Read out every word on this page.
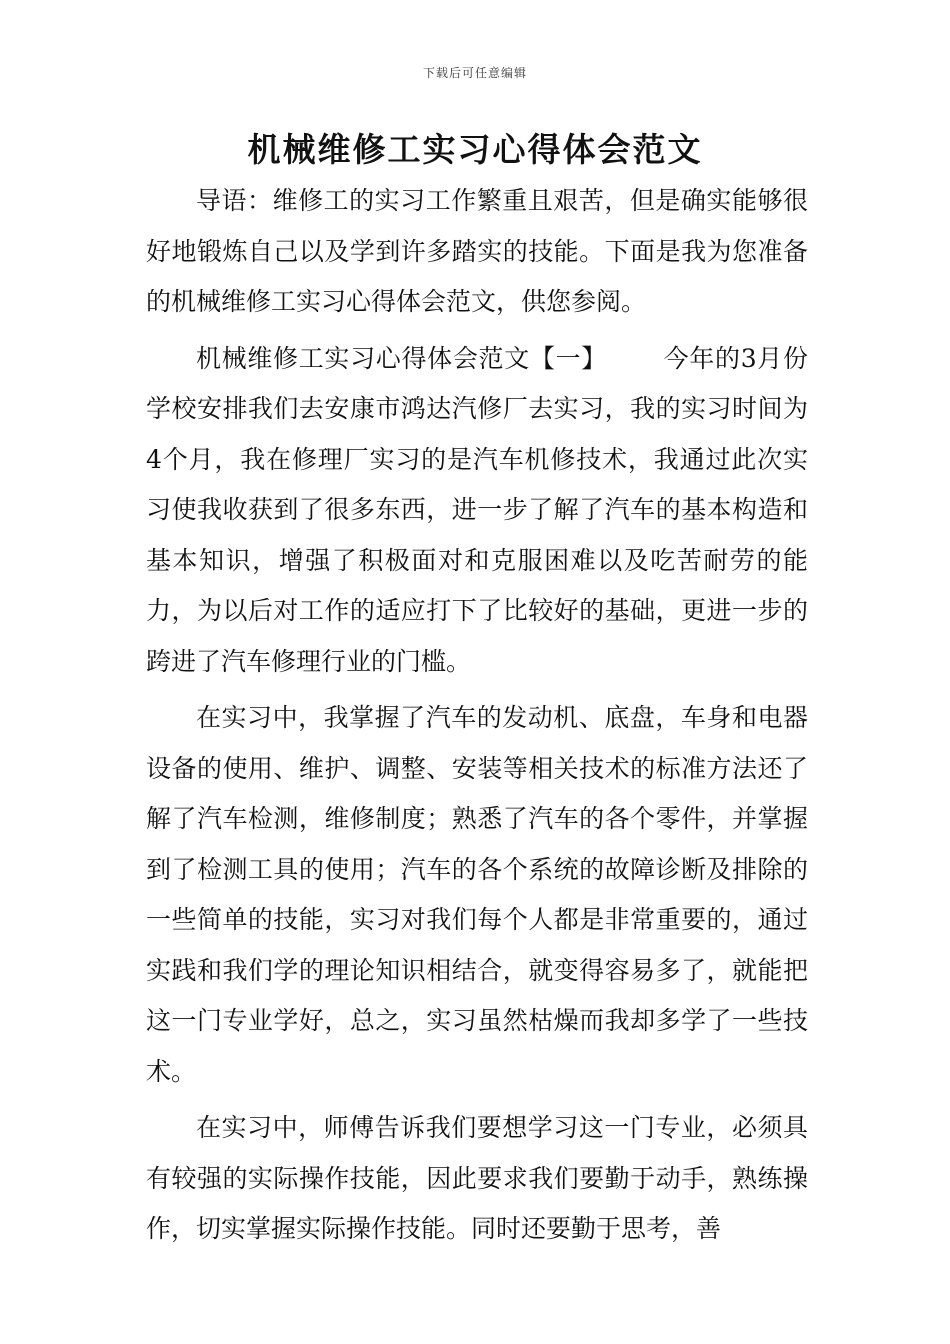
下载后可任意编辑
机械维修工实习心得体会范文

导语：维修工的实习工作繁重且艰苦，但是确实能够很好地锻炼自己以及学到许多踏实的技能。下面是我为您准备的机械维修工实习心得体会范文，供您参阅。

机械维修工实习心得体会范文【一】 今年的3月份学校安排我们去安康市鸿达汽修厂去实习，我的实习时间为4个月，我在修理厂实习的是汽车机修技术，我通过此次实习使我收获到了很多东西，进一步了解了汽车的基本构造和基本知识，增强了积极面对和克服困难以及吃苦耐劳的能力，为以后对工作的适应打下了比较好的基础，更进一步的跨进了汽车修理行业的门槛。

在实习中，我掌握了汽车的发动机、底盘，车身和电器设备的使用、维护、调整、安装等相关技术的标准方法还了解了汽车检测，维修制度；熟悉了汽车的各个零件，并掌握到了检测工具的使用；汽车的各个系统的故障诊断及排除的一些简单的技能，实习对我们每个人都是非常重要的，通过实践和我们学的理论知识相结合，就变得容易多了，就能把这一门专业学好，总之，实习虽然枯燥而我却多学了一些技术。

在实习中，师傅告诉我们要想学习这一门专业，必须具有较强的实际操作技能，因此要求我们要勤于动手，熟练操作，切实掌握实际操作技能。同时还要勤于思考，善
